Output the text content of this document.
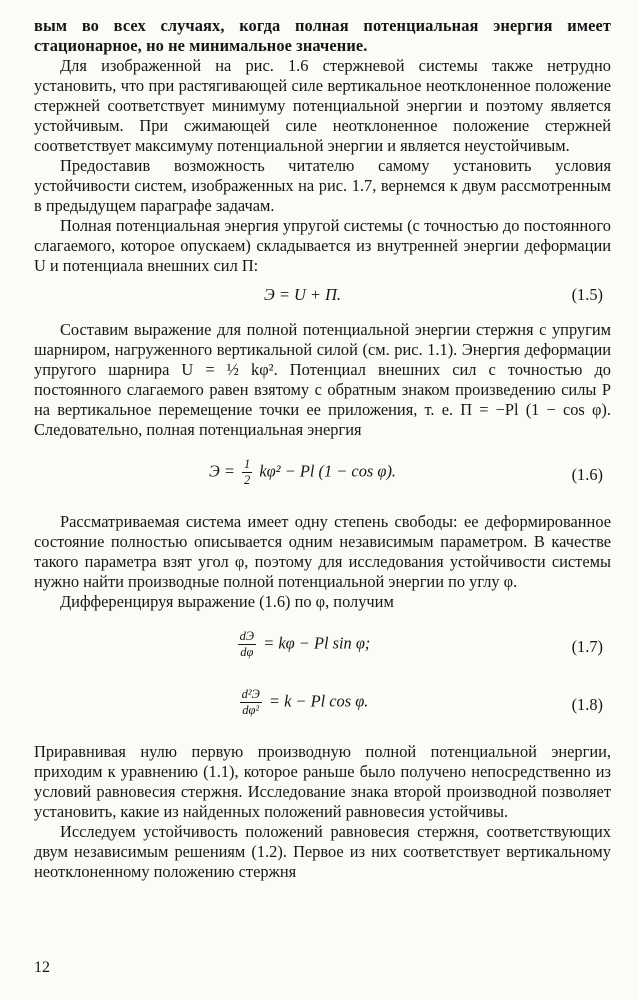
вым во всех случаях, когда полная потенциальная энергия имеет стационарное, но не минимальное значение.

Для изображенной на рис. 1.6 стержневой системы также нетрудно установить, что при растягивающей силе вертикальное неотклоненное положение стержней соответствует минимуму потенциальной энергии и поэтому является устойчивым. При сжимающей силе неотклоненное положение стержней соответствует максимуму потенциальной энергии и является неустойчивым.

Предоставив возможность читателю самому установить условия устойчивости систем, изображенных на рис. 1.7, вернемся к двум рассмотренным в предыдущем параграфе задачам.

Полная потенциальная энергия упругой системы (с точностью до постоянного слагаемого, которое опускаем) складывается из внутренней энергии деформации U и потенциала внешних сил П:

Э = U + П.	(1.5)

Составим выражение для полной потенциальной энергии стержня с упругим шарниром, нагруженного вертикальной силой (см. рис. 1.1). Энергия деформации упругого шарнира U = ½ kφ². Потенциал внешних сил с точностью до постоянного слагаемого равен взятому с обратным знаком произведению силы P на вертикальное перемещение точки ее приложения, т. е. П = −Pl (1 − cos φ). Следовательно, полная потенциальная энергия

$Э = \frac{1}{2} k\varphi^2 - Pl$ (1 − cos φ).	(1.6)

Рассматриваемая система имеет одну степень свободы: ее деформированное состояние полностью описывается одним независимым параметром. В качестве такого параметра взят угол φ, поэтому для исследования устойчивости системы нужно найти производные полной потенциальной энергии по углу φ.

Дифференцируя выражение (1.6) по φ, получим

$\frac{dЭ}{d\varphi} = k\varphi - Pl$ sin φ;	(1.7)
$\frac{\text{d²Э}}{\text{dφ²}} = k - Pl$ cos φ.	(1.8)

Приравнивая нулю первую производную полной потенциальной энергии, приходим к уравнению (1.1), которое раньше было получено непосредственно из условий равновесия стержня. Исследование знака второй производной позволяет установить, какие из найденных положений равновесия устойчивы.

Исследуем устойчивость положений равновесия стержня, соответствующих двум независимым решениям (1.2). Первое из них соответствует вертикальному неотклоненному положению стержня

12
